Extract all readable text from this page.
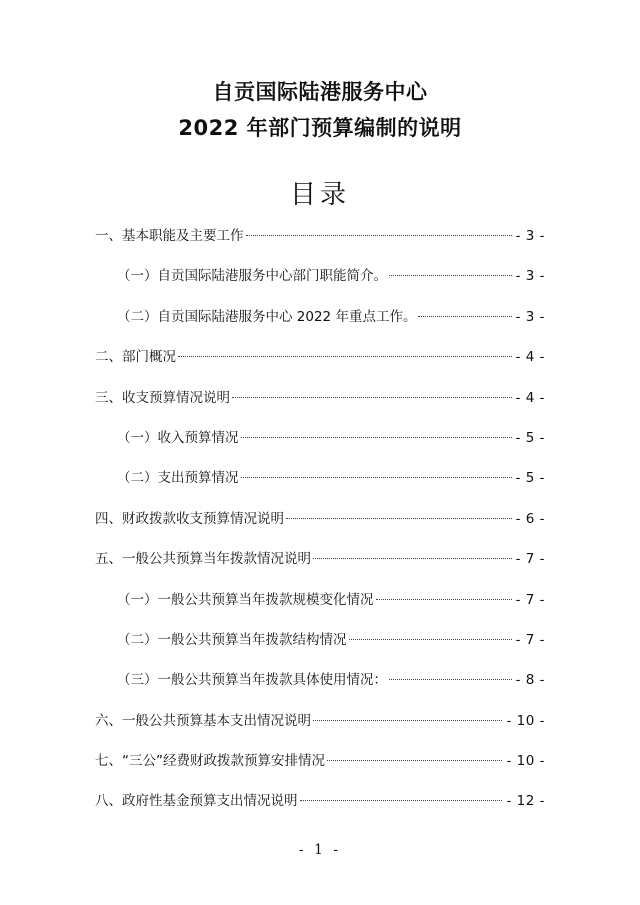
自贡国际陆港服务中心
2022 年部门预算编制的说明
目录
一、基本职能及主要工作	- 3 -
（一）自贡国际陆港服务中心部门职能简介。	- 3 -
（二）自贡国际陆港服务中心 2022 年重点工作。	- 3 -
二、部门概况	- 4 -
三、收支预算情况说明	- 4 -
（一）收入预算情况	- 5 -
（二）支出预算情况	- 5 -
四、财政拨款收支预算情况说明	- 6 -
五、一般公共预算当年拨款情况说明	- 7 -
（一）一般公共预算当年拨款规模变化情况	- 7 -
（二）一般公共预算当年拨款结构情况	- 7 -
（三）一般公共预算当年拨款具体使用情况：	- 8 -
六、一般公共预算基本支出情况说明	- 10 -
七、“三公”经费财政拨款预算安排情况	- 10 -
八、政府性基金预算支出情况说明	- 12 -
- 1 -
